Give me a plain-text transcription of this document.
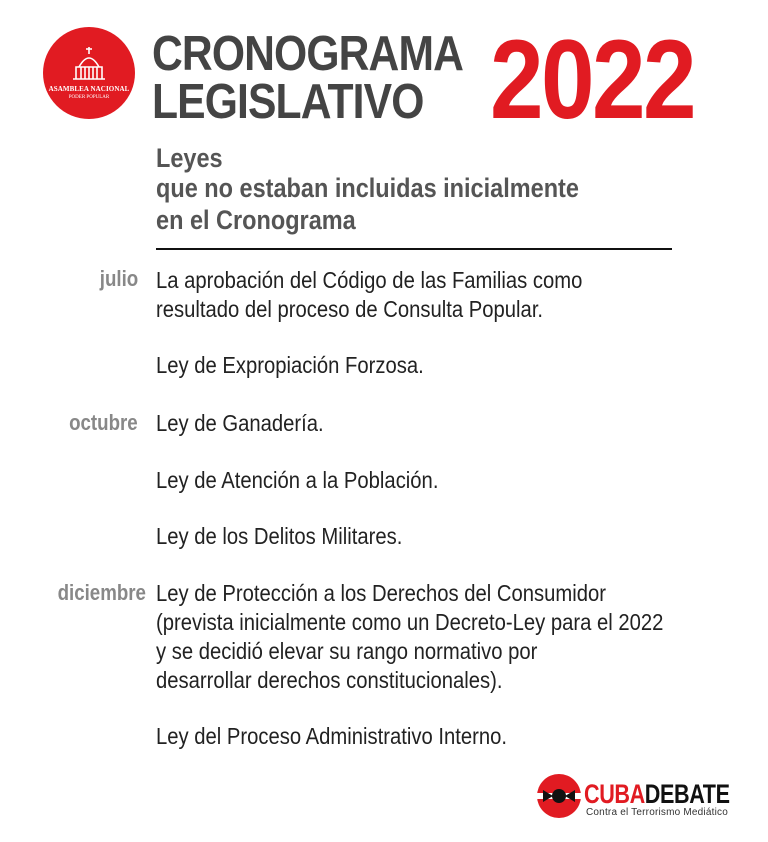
ASAMBLEA NACIONAL
PODER POPULAR
CRONOGRAMA
LEGISLATIVO 2022
Leyes
que no estaban incluidas inicialmente
en el Cronograma
julio
octubre
diciembre
La aprobación del Código de las Familias como
resultado del proceso de Consulta Popular.
Ley de Expropiación Forzosa.
Ley de Ganadería.
Ley de Atención a la Población.
Ley de los Delitos Militares.
Ley de Protección a los Derechos del Consumidor
(prevista inicialmente como un Decreto-Ley para el 2022
y se decidió elevar su rango normativo por
desarrollar derechos constitucionales).
Ley del Proceso Administrativo Interno.
CUBADEBATE
Contra el Terrorismo Mediático
